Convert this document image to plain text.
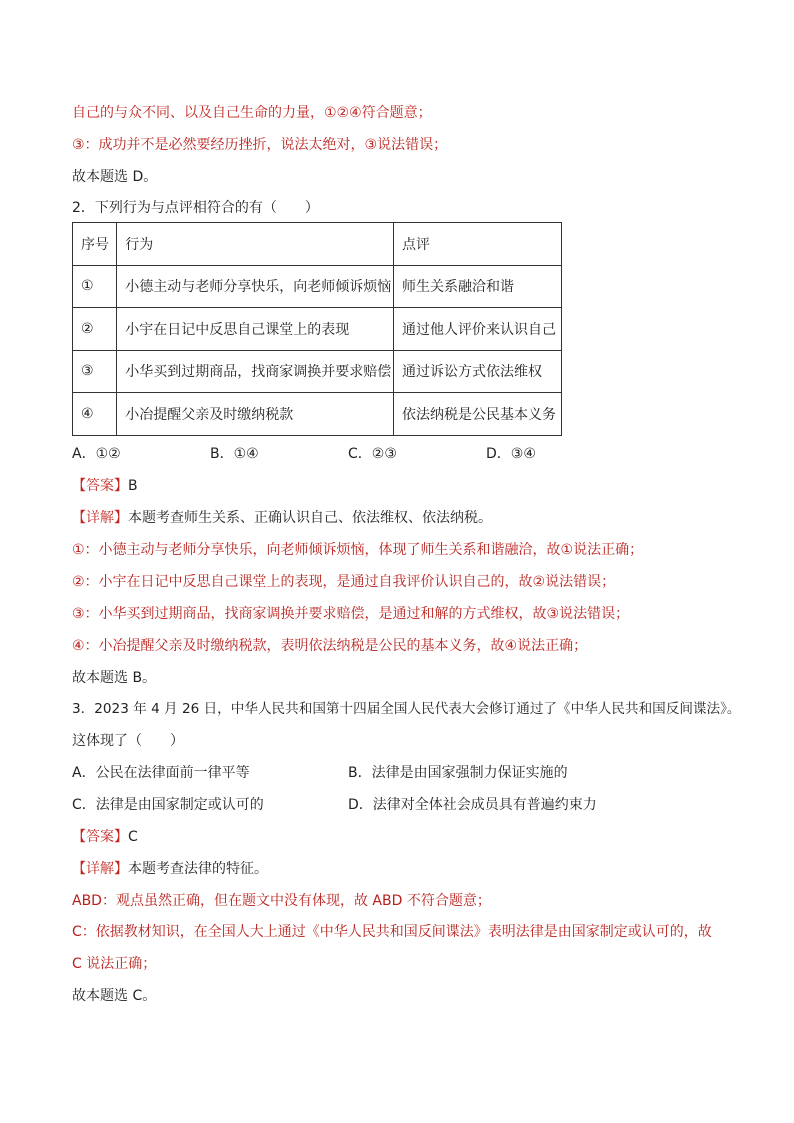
自己的与众不同、以及自己生命的力量，①②④符合题意；
③：成功并不是必然要经历挫折，说法太绝对，③说法错误；
故本题选 D。
2．下列行为与点评相符合的有（　　）
序号	行为	点评
①	小德主动与老师分享快乐，向老师倾诉烦恼	师生关系融洽和谐
②	小宇在日记中反思自己课堂上的表现	通过他人评价来认识自己
③	小华买到过期商品，找商家调换并要求赔偿	通过诉讼方式依法维权
④	小冶提醒父亲及时缴纳税款	依法纳税是公民基本义务
A．①②	B．①④	C．②③	D．③④
【答案】B
【详解】本题考查师生关系、正确认识自己、依法维权、依法纳税。
①：小德主动与老师分享快乐，向老师倾诉烦恼，体现了师生关系和谐融洽，故①说法正确；
②：小宇在日记中反思自己课堂上的表现，是通过自我评价认识自己的，故②说法错误；
③：小华买到过期商品，找商家调换并要求赔偿，是通过和解的方式维权，故③说法错误；
④：小冶提醒父亲及时缴纳税款，表明依法纳税是公民的基本义务，故④说法正确；
故本题选 B。
3．2023 年 4 月 26 日，中华人民共和国第十四届全国人民代表大会修订通过了《中华人民共和国反间谍法》。
这体现了（　　）
A．公民在法律面前一律平等	B．法律是由国家强制力保证实施的
C．法律是由国家制定或认可的	D．法律对全体社会成员具有普遍约束力
【答案】C
【详解】本题考查法律的特征。
ABD：观点虽然正确，但在题文中没有体现，故 ABD 不符合题意；
C：依据教材知识，在全国人大上通过《中华人民共和国反间谍法》表明法律是由国家制定或认可的，故
C 说法正确；
故本题选 C。
